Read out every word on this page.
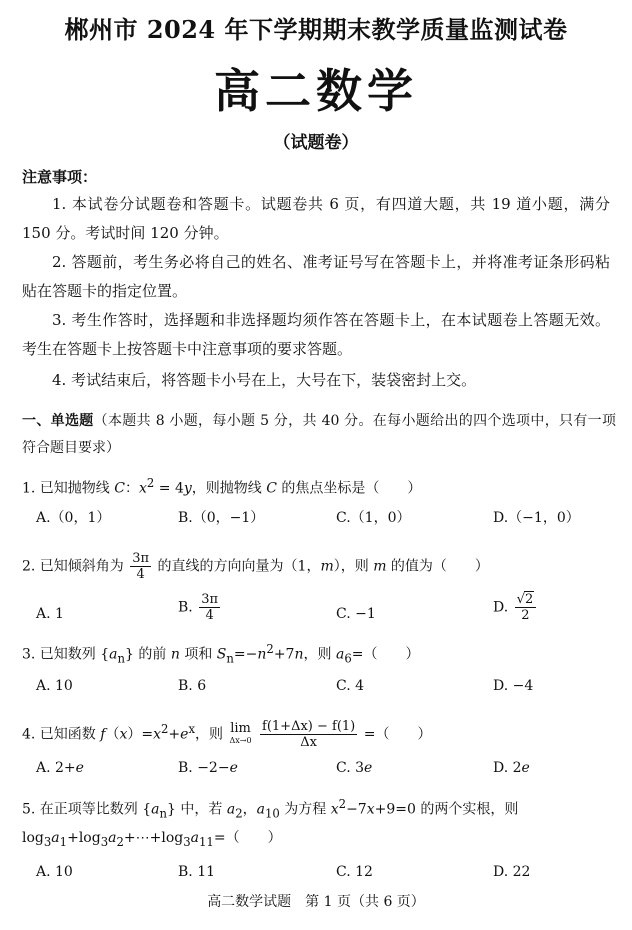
郴州市 2024 年下学期期末教学质量监测试卷
高二数学
（试题卷）
注意事项：
1. 本试卷分试题卷和答题卡。试题卷共 6 页，有四道大题，共 19 道小题，满分 150 分。考试时间 120 分钟。
2. 答题前，考生务必将自己的姓名、准考证号写在答题卡上，并将准考证条形码粘贴在答题卡的指定位置。
3. 考生作答时，选择题和非选择题均须作答在答题卡上，在本试题卷上答题无效。考生在答题卡上按答题卡中注意事项的要求答题。
4. 考试结束后，将答题卡小号在上，大号在下，装袋密封上交。
一、单选题（本题共 8 小题，每小题 5 分，共 40 分。在每小题给出的四个选项中，只有一项符合题目要求）
1. 已知抛物线 C：$x^2 = 4y$，则抛物线 C 的焦点坐标是（　　）
A.（0，1）	B.（0，−1）	C.（1，0）	D.（−1，0）
2. 已知倾斜角为 $\frac{3\pi}{4}$ 的直线的方向向量为（1，m），则 m 的值为（　　）
A. 1	B. $\frac{3\pi}{4}$	C. −1	D. $\frac{√2}{2}$
3. 已知数列 $\{a_n\}$ 的前 n 项和 $S_n=-n^2+7n$，则 $a_6=$（　　）
A. 10	B. 6	C. 4	D. −4
4. 已知函数 $f(x)=x^2+e^x$，则 lim
Δx→0
$\frac{f(1+\Delta x) - f(1)}{\Delta x}$ =（　　）
A. 2+e	B. −2−e	C. 3e	D. 2e
5. 在正项等比数列 $\{a_n\}$ 中，若 $a_2$，$a_{10}$ 为方程 $x^2-7x+9=0$ 的两个实根，则
$\log_3a_1+\log_3a_2+\cdots+\log_3a_{11}=$（　　）
A. 10	B. 11	C. 12	D. 22
高二数学试题　第 1 页（共 6 页）
